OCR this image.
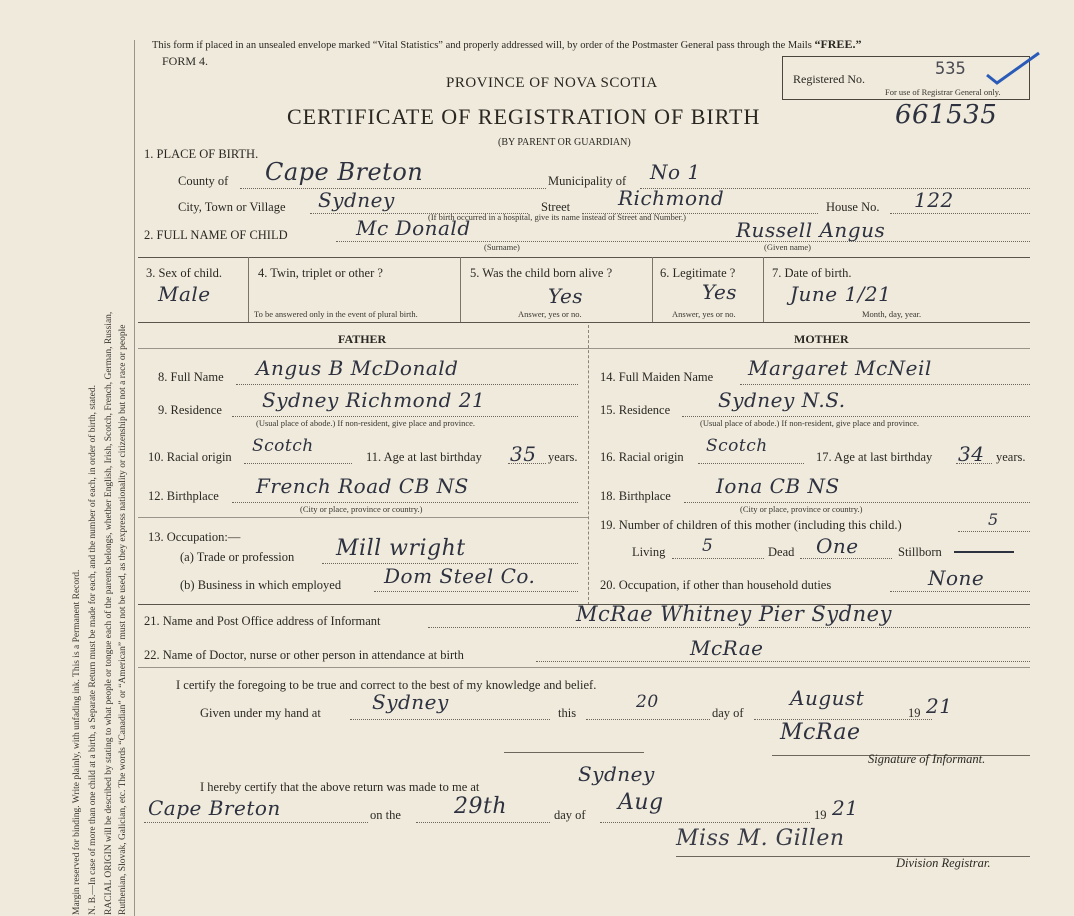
Margin reserved for binding. Write plainly, with unfading ink. This is a Permanent Record. N. B.—In case of more than one child at a birth, a Separate Return must be made for each, and the number of each, in order of birth, stated. RACIAL ORIGIN will be described by stating to what people or tongue each of the parents belongs, whether English, Irish, Scotch, French, German, Russian, Ruthenian, Slovak, Galician, etc. The words “Canadian” or “American” must not be used, as they express nationality or citizenship but not a race or people
This form if placed in an unsealed envelope marked “Vital Statistics” and properly addressed will, by order of the Postmaster General pass through the Mails “FREE.”
FORM 4.
PROVINCE OF NOVA SCOTIA
CERTIFICATE OF REGISTRATION OF BIRTH	661535
(BY PARENT OR GUARDIAN)
Registered No.	535
For use of Registrar General only.
1. PLACE OF BIRTH.
County of Cape Breton	Municipality of No 1
City, Town or Village Sydney	Street Richmond	House No. 122
(If birth occurred in a hospital, give its name instead of Street and Number.)
2. FULL NAME OF CHILD	Mc Donald
(Surname)
Russell Angus
(Given name)
3. Sex of child.
Male
4. Twin, triplet or other ?
To be answered only in the event of plural birth.
5. Was the child born alive ?
Yes
Answer, yes or no.
6. Legitimate ?
Yes
Answer, yes or no.
7. Date of birth.
June 1/21
Month, day, year.
FATHER	MOTHER
8. Full Name Angus B McDonald
9. Residence Sydney Richmond 21
(Usual place of abode.) If non-resident, give place and province.
10. Racial origin
Scotch
11. Age at last birthday 35 years.
12. Birthplace French Road CB NS
(City or place, province or country.)
13. Occupation:—
(a) Trade or profession Mill wright
(b) Business in which employed Dom Steel Co.
14. Full Maiden Name Margaret McNeil
15. Residence Sydney N.S.
(Usual place of abode.) If non-resident, give place and province.
16. Racial origin
Scotch
17. Age at last birthday 34 years.
18. Birthplace Iona CB NS
(City or place, province or country.)
19. Number of children of this mother (including this child.)	5
Living 5	Dead One	Stillborn
20. Occupation, if other than household duties	None
21. Name and Post Office address of Informant	McRae Whitney Pier Sydney
22. Name of Doctor, nurse or other person in attendance at birth	McRae
I certify the foregoing to be true and correct to the best of my knowledge and belief.
Given under my hand at	Sydney	this
20
day of
August
19 21
McRae
Signature of Informant.
I hereby certify that the above return was made to me at
Sydney
Cape Breton	on the 29th	day of Aug	19 21
Miss M. Gillen
Division Registrar.
